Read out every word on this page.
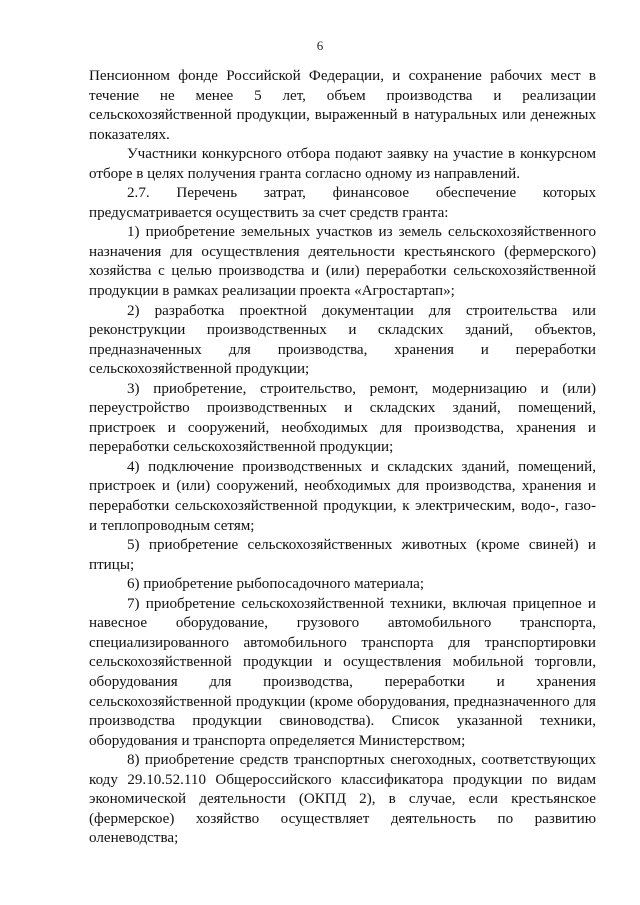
6

Пенсионном фонде Российской Федерации, и сохранение рабочих мест в течение не менее 5 лет, объем производства и реализации сельскохозяйственной продукции, выраженный в натуральных или денежных показателях.

Участники конкурсного отбора подают заявку на участие в конкурсном отборе в целях получения гранта согласно одному из направлений.

2.7. Перечень затрат, финансовое обеспечение которых предусматривается осуществить за счет средств гранта:

1) приобретение земельных участков из земель сельскохозяйственного назначения для осуществления деятельности крестьянского (фермерского) хозяйства с целью производства и (или) переработки сельскохозяйственной продукции в рамках реализации проекта «Агростартап»;

2) разработка проектной документации для строительства или реконструкции производственных и складских зданий, объектов, предназначенных для производства, хранения и переработки сельскохозяйственной продукции;

3) приобретение, строительство, ремонт, модернизацию и (или) переустройство производственных и складских зданий, помещений, пристроек и сооружений, необходимых для производства, хранения и переработки сельскохозяйственной продукции;

4) подключение производственных и складских зданий, помещений, пристроек и (или) сооружений, необходимых для производства, хранения и переработки сельскохозяйственной продукции, к электрическим, водо-, газо- и теплопроводным сетям;

5) приобретение сельскохозяйственных животных (кроме свиней) и птицы;

6) приобретение рыбопосадочного материала;

7) приобретение сельскохозяйственной техники, включая прицепное и навесное оборудование, грузового автомобильного транспорта, специализированного автомобильного транспорта для транспортировки сельскохозяйственной продукции и осуществления мобильной торговли, оборудования для производства, переработки и хранения сельскохозяйственной продукции (кроме оборудования, предназначенного для производства продукции свиноводства). Список указанной техники, оборудования и транспорта определяется Министерством;

8) приобретение средств транспортных снегоходных, соответствующих коду 29.10.52.110 Общероссийского классификатора продукции по видам экономической деятельности (ОКПД 2), в случае, если крестьянское (фермерское) хозяйство осуществляет деятельность по развитию оленеводства;
